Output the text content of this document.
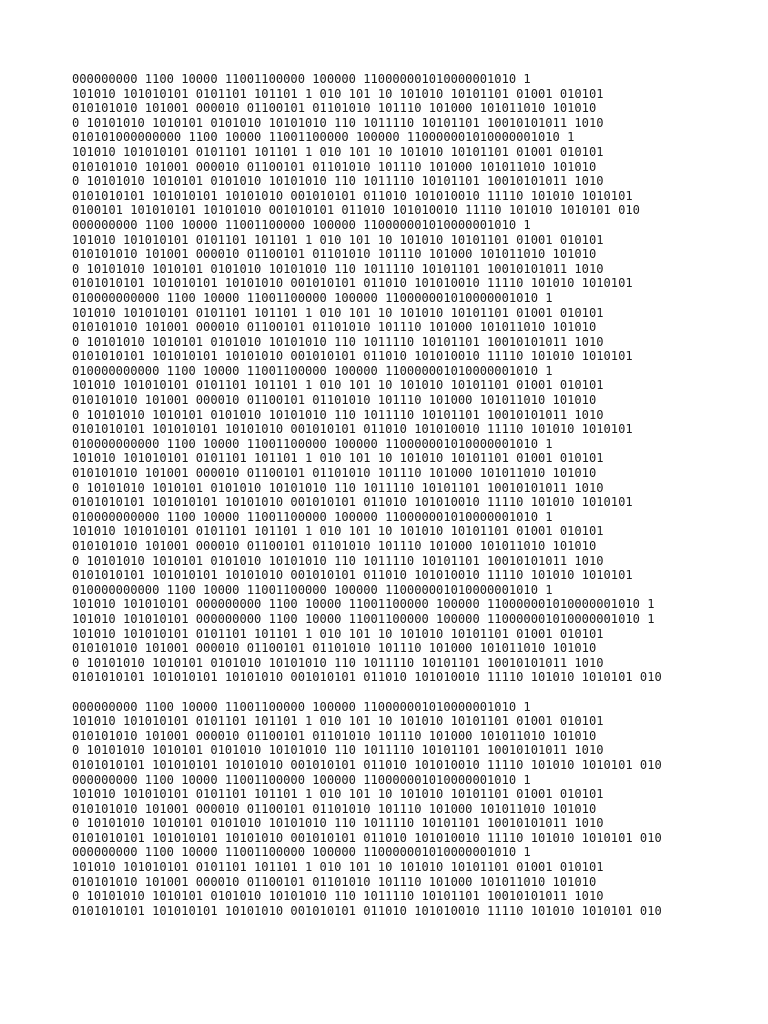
000000000 1100 10000 11001100000 100000 110000001010000001010 1
101010 101010101 0101101 101101 1 010 101 10 101010 10101101 01001 010101
010101010 101001 000010 01100101 01101010 101110 101000 101011010 101010
0 10101010 1010101 0101010 10101010 110 1011110 10101101 10010101011 1010
010101000000000 1100 10000 11001100000 100000 110000001010000001010 1
101010 101010101 0101101 101101 1 010 101 10 101010 10101101 01001 010101
010101010 101001 000010 01100101 01101010 101110 101000 101011010 101010
0 10101010 1010101 0101010 10101010 110 1011110 10101101 10010101011 1010
0101010101 101010101 10101010 001010101 011010 101010010 11110 101010 1010101
0100101 101010101 10101010 001010101 011010 101010010 11110 101010 1010101 010
000000000 1100 10000 11001100000 100000 110000001010000001010 1
101010 101010101 0101101 101101 1 010 101 10 101010 10101101 01001 010101
010101010 101001 000010 01100101 01101010 101110 101000 101011010 101010
0 10101010 1010101 0101010 10101010 110 1011110 10101101 10010101011 1010
0101010101 101010101 10101010 001010101 011010 101010010 11110 101010 1010101
010000000000 1100 10000 11001100000 100000 110000001010000001010 1
101010 101010101 0101101 101101 1 010 101 10 101010 10101101 01001 010101
010101010 101001 000010 01100101 01101010 101110 101000 101011010 101010
0 10101010 1010101 0101010 10101010 110 1011110 10101101 10010101011 1010
0101010101 101010101 10101010 001010101 011010 101010010 11110 101010 1010101
010000000000 1100 10000 11001100000 100000 110000001010000001010 1
101010 101010101 0101101 101101 1 010 101 10 101010 10101101 01001 010101
010101010 101001 000010 01100101 01101010 101110 101000 101011010 101010
0 10101010 1010101 0101010 10101010 110 1011110 10101101 10010101011 1010
0101010101 101010101 10101010 001010101 011010 101010010 11110 101010 1010101
010000000000 1100 10000 11001100000 100000 110000001010000001010 1
101010 101010101 0101101 101101 1 010 101 10 101010 10101101 01001 010101
010101010 101001 000010 01100101 01101010 101110 101000 101011010 101010
0 10101010 1010101 0101010 10101010 110 1011110 10101101 10010101011 1010
0101010101 101010101 10101010 001010101 011010 101010010 11110 101010 1010101
010000000000 1100 10000 11001100000 100000 110000001010000001010 1
101010 101010101 0101101 101101 1 010 101 10 101010 10101101 01001 010101
010101010 101001 000010 01100101 01101010 101110 101000 101011010 101010
0 10101010 1010101 0101010 10101010 110 1011110 10101101 10010101011 1010
0101010101 101010101 10101010 001010101 011010 101010010 11110 101010 1010101
010000000000 1100 10000 11001100000 100000 110000001010000001010 1
101010 101010101 000000000 1100 10000 11001100000 100000 110000001010000001010 1
101010 101010101 000000000 1100 10000 11001100000 100000 110000001010000001010 1
101010 101010101 0101101 101101 1 010 101 10 101010 10101101 01001 010101
010101010 101001 000010 01100101 01101010 101110 101000 101011010 101010
0 10101010 1010101 0101010 10101010 110 1011110 10101101 10010101011 1010
0101010101 101010101 10101010 001010101 011010 101010010 11110 101010 1010101 010
000000000 1100 10000 11001100000 100000 110000001010000001010 1
101010 101010101 0101101 101101 1 010 101 10 101010 10101101 01001 010101
010101010 101001 000010 01100101 01101010 101110 101000 101011010 101010
0 10101010 1010101 0101010 10101010 110 1011110 10101101 10010101011 1010
0101010101 101010101 10101010 001010101 011010 101010010 11110 101010 1010101 010
000000000 1100 10000 11001100000 100000 110000001010000001010 1
101010 101010101 0101101 101101 1 010 101 10 101010 10101101 01001 010101
010101010 101001 000010 01100101 01101010 101110 101000 101011010 101010
0 10101010 1010101 0101010 10101010 110 1011110 10101101 10010101011 1010
0101010101 101010101 10101010 001010101 011010 101010010 11110 101010 1010101 010
000000000 1100 10000 11001100000 100000 110000001010000001010 1
101010 101010101 0101101 101101 1 010 101 10 101010 10101101 01001 010101
010101010 101001 000010 01100101 01101010 101110 101000 101011010 101010
0 10101010 1010101 0101010 10101010 110 1011110 10101101 10010101011 1010
0101010101 101010101 10101010 001010101 011010 101010010 11110 101010 1010101 010
